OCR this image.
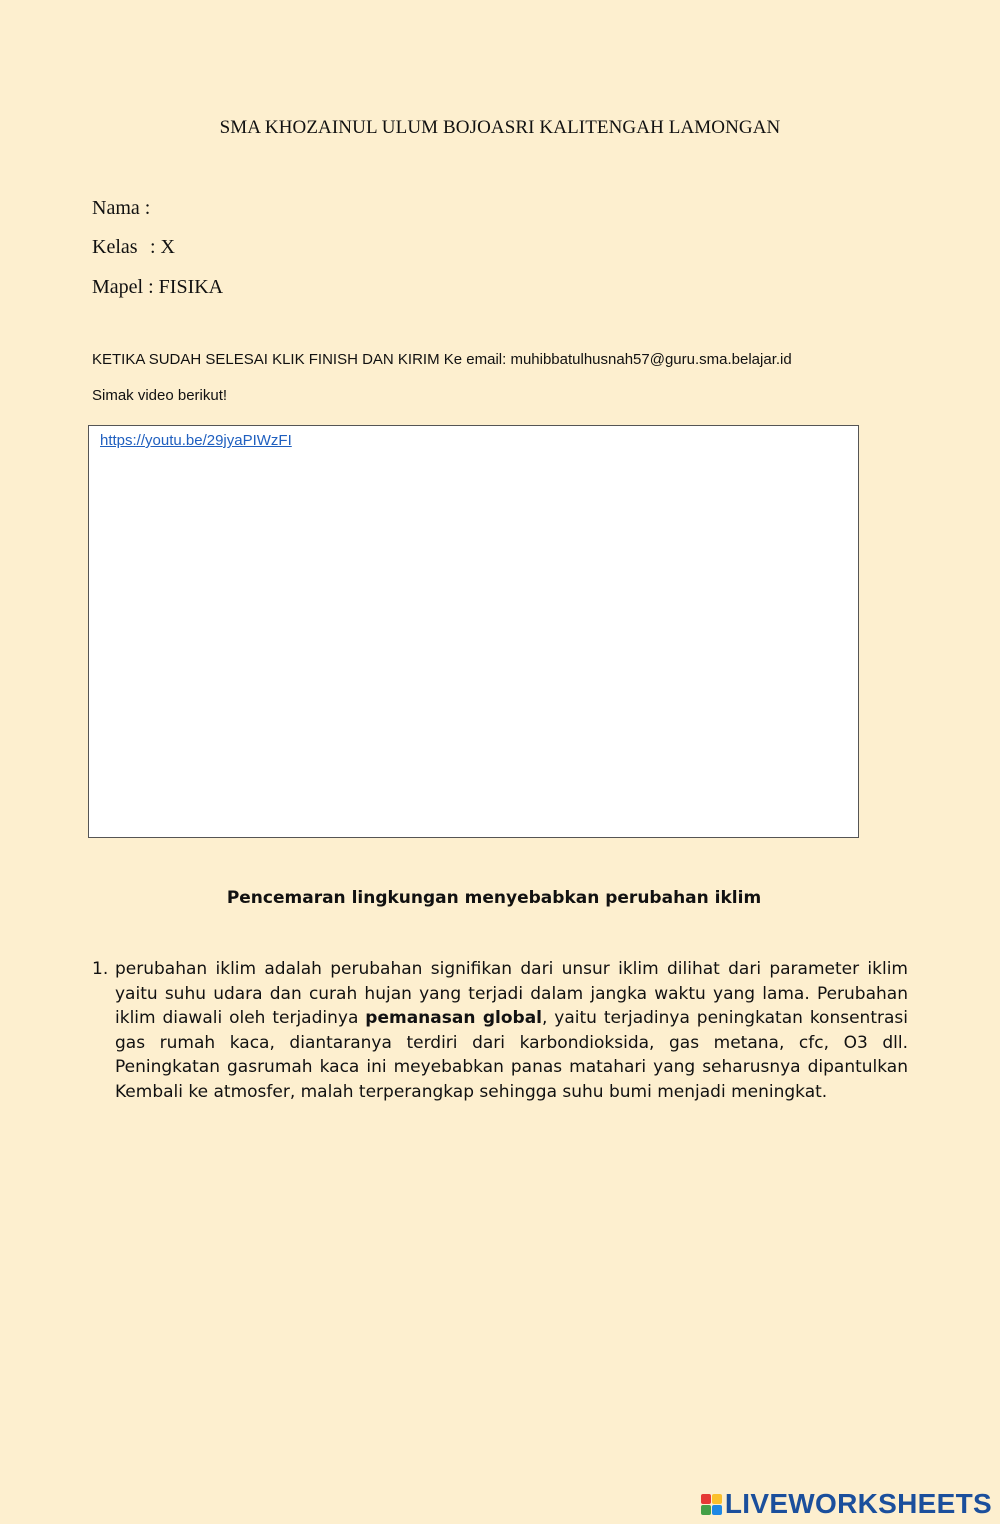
SMA KHOZAINUL ULUM BOJOASRI KALITENGAH LAMONGAN
Nama :
Kelas : X
Mapel : FISIKA
KETIKA SUDAH SELESAI KLIK FINISH DAN KIRIM Ke email: muhibbatulhusnah57@guru.sma.belajar.id
Simak video berikut!
https://youtu.be/29jyaPIWzFI
Pencemaran lingkungan menyebabkan perubahan iklim
1. perubahan iklim adalah perubahan signifikan dari unsur iklim dilihat dari parameter iklim yaitu suhu udara dan curah hujan yang terjadi dalam jangka waktu yang lama. Perubahan iklim diawali oleh terjadinya pemanasan global, yaitu terjadinya peningkatan konsentrasi gas rumah kaca, diantaranya terdiri dari karbondioksida, gas metana, cfc, O3 dll. Peningkatan gasrumah kaca ini meyebabkan panas matahari yang seharusnya dipantulkan Kembali ke atmosfer, malah terperangkap sehingga suhu bumi menjadi meningkat.
LIVEWORKSHEETS
